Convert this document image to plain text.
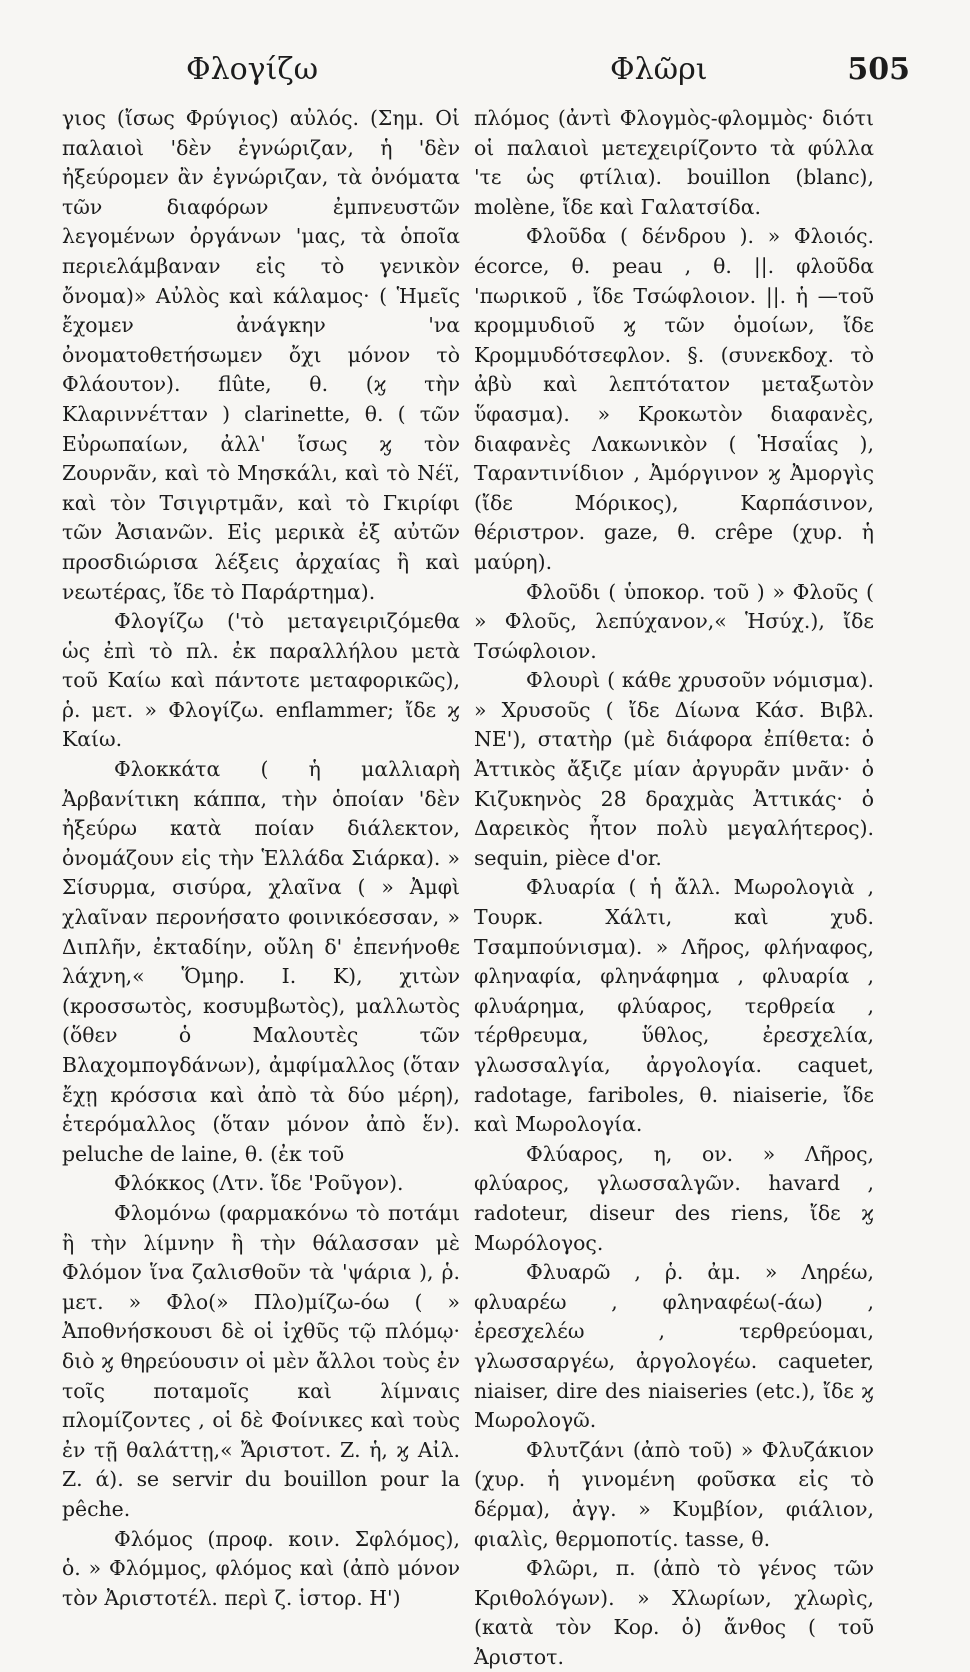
Φλογίζω	Φλῶρι	505

γιος (ἴσως Φρύγιος) αὐλός. (Σημ. Οἱ παλαιοὶ 'δὲν ἐγνώριζαν, ἡ 'δὲν ἠξεύρομεν ἂν ἐγνώριζαν, τὰ ὀνόματα τῶν διαφόρων ἐμπνευστῶν λεγομένων ὀργάνων 'μας, τὰ ὁποῖα περιελάμβαναν εἰς τὸ γενικὸν ὄνομα)» Αὐλὸς καὶ κάλαμος· ( Ἡμεῖς ἔχομεν ἀνάγκην 'να ὀνοματοθετήσωμεν ὄχι μόνον τὸ Φλάουτον). flûte, θ. (ϗ τὴν Κλαριννέτταν ) clarinette, θ. ( τῶν Εὐρωπαίων, ἀλλ' ἴσως ϗ τὸν Ζουρνᾶν, καὶ τὸ Μησκάλι, καὶ τὸ Νέϊ, καὶ τὸν Τσιγιρτμᾶν, καὶ τὸ Γκιρίφι τῶν Ἀσιανῶν. Εἰς μερικὰ ἐξ αὐτῶν προσδιώρισα λέξεις ἀρχαίας ἢ καὶ νεωτέρας, ἴδε τὸ Παράρτημα).

Φλογίζω ('τὸ μεταγειριζόμεθα ὡς ἐπὶ τὸ πλ. ἐκ παραλλήλου μετὰ τοῦ Καίω καὶ πάντοτε μεταφορικῶς), ῥ. μετ. » Φλογίζω. enflammer; ἴδε ϗ Καίω.

Φλοκκάτα ( ἡ μαλλιαρὴ Ἀρβανίτικη κάππα, τὴν ὁποίαν 'δὲν ἠξεύρω κατὰ ποίαν διάλεκτον, ὀνομάζουν εἰς τὴν Ἑλλάδα Σιάρκα). » Σίσυρμα, σισύρα, χλαῖνα ( » Ἀμφὶ χλαῖναν περονήσατο φοινικόεσσαν, » Διπλῆν, ἐκταδίην, οὔλη δ' ἐπενήνοθε λάχνη,« Ὅμηρ. Ι. Κ), χιτὼν (κροσσωτὸς, κοσυμβωτὸς), μαλλωτὸς (ὅθεν ὁ Μαλουτὲς τῶν Βλαχομπογδάνων), ἀμφίμαλλος (ὅταν ἔχῃ κρόσσια καὶ ἀπὸ τὰ δύο μέρη), ἑτερόμαλλος (ὅταν μόνον ἀπὸ ἕν). peluche de laine, θ. (ἐκ τοῦ

Φλόκκος (Λτν. ἴδε 'Ροῦγον).

Φλομόνω (φαρμακόνω τὸ ποτάμι ἢ τὴν λίμνην ἢ τὴν θάλασσαν μὲ Φλόμον ἵνα ζαλισθοῦν τὰ 'ψάρια ), ῥ. μετ. » Φλο(» Πλο)μίζω-όω ( » Ἀποθνήσκουσι δὲ οἱ ἰχθῦς τῷ πλόμῳ· διὸ ϗ θηρεύουσιν οἱ μὲν ἄλλοι τοὺς ἐν τοῖς ποταμοῖς καὶ λίμναις πλομίζοντες , οἱ δὲ Φοίνικες καὶ τοὺς ἐν τῇ θαλάττῃ,« Ἄριστοτ. Ζ. ἡ, ϗ Αἰλ. Ζ. ά). se servir du bouillon pour la pêche.

Φλόμος (προφ. κοιν. Σφλόμος), ὁ. » Φλόμμος, φλόμος καὶ (ἀπὸ μόνον τὸν Ἀριστοτέλ. περὶ ζ. ἱστορ. Η')

πλόμος (ἀντὶ Φλογμὸς-φλομμὸς· διότι οἱ παλαιοὶ μετεχειρίζοντο τὰ φύλλα 'τε ὡς φτίλια). bouillon (blanc), molène, ἴδε καὶ Γαλατσίδα.

Φλοῦδα ( δένδρου ). » Φλοιός. écorce, θ. peau , θ. ||. φλοῦδα 'πωρικοῦ , ἴδε Τσώφλοιον. ||. ἡ —τοῦ κρομμυδιοῦ ϗ τῶν ὁμοίων, ἴδε Κρομμυδότσεφλον. §. (συνεκδοχ. τὸ ἀβὺ καὶ λεπτότατον μεταξωτὸν ὕφασμα). » Κροκωτὸν διαφανὲς, διαφανὲς Λακωνικὸν ( Ἡσαΐας ), Ταραντινίδιον , Ἀμόργινον ϗ Ἀμοργὶς (ἴδε Μόρικος), Καρπάσινον, θέριστρον. gaze, θ. crêpe (χυρ. ἡ μαύρη).

Φλοῦδι ( ὑποκορ. τοῦ ) » Φλοῦς ( » Φλοῦς, λεπύχανον,« Ἡσύχ.), ἴδε Τσώφλοιον.

Φλουρὶ ( κάθε χρυσοῦν νόμισμα). » Χρυσοῦς ( ἴδε Δίωνα Κάσ. Βιβλ. ΝΕ'), στατὴρ (μὲ διάφορα ἐπίθετα: ὁ Ἀττικὸς ἄξιζε μίαν ἀργυρᾶν μνᾶν· ὁ Κιζυκηνὸς 28 δραχμὰς Ἀττικάς· ὁ Δαρεικὸς ἦτον πολὺ μεγαλήτερος). sequin, pièce d'or.

Φλυαρία ( ἡ ἄλλ. Μωρολογιὰ , Τουρκ. Χάλτι, καὶ χυδ. Τσαμπούνισμα). » Λῆρος, φλήναφος, φληναφία, φληνάφημα , φλυαρία , φλυάρημα, φλύαρος, τερθρεία , τέρθρευμα, ὕθλος, ἐρεσχελία, γλωσσαλγία, ἀργολογία. caquet, radotage, fariboles, θ. niaiserie, ἴδε καὶ Μωρολογία.

Φλύαρος, η, ον. » Λῆρος, φλύαρος, γλωσσαλγῶν. havard , radoteur, diseur des riens, ἴδε ϗ Μωρόλογος.

Φλυαρῶ , ῥ. ἀμ. » Ληρέω, φλυαρέω , φληναφέω(-άω) , ἐρεσχελέω , τερθρεύομαι, γλωσσαργέω, ἀργολογέω. caqueter, niaiser, dire des niaiseries (etc.), ἴδε ϗ Μωρολογῶ.

Φλυτζάνι (ἀπὸ τοῦ) » Φλυζάκιον (χυρ. ἡ γινομένη φοῦσκα εἰς τὸ δέρμα), ἀγγ. » Κυμβίον, φιάλιον, φιαλὶς, θερμοποτίς. tasse, θ.

Φλῶρι, π. (ἀπὸ τὸ γένος τῶν Κριθολόγων). » Χλωρίων, χλωρὶς, (κατὰ τὸν Κορ. ὁ) ἄνθος ( τοῦ Ἀριστοτ.
